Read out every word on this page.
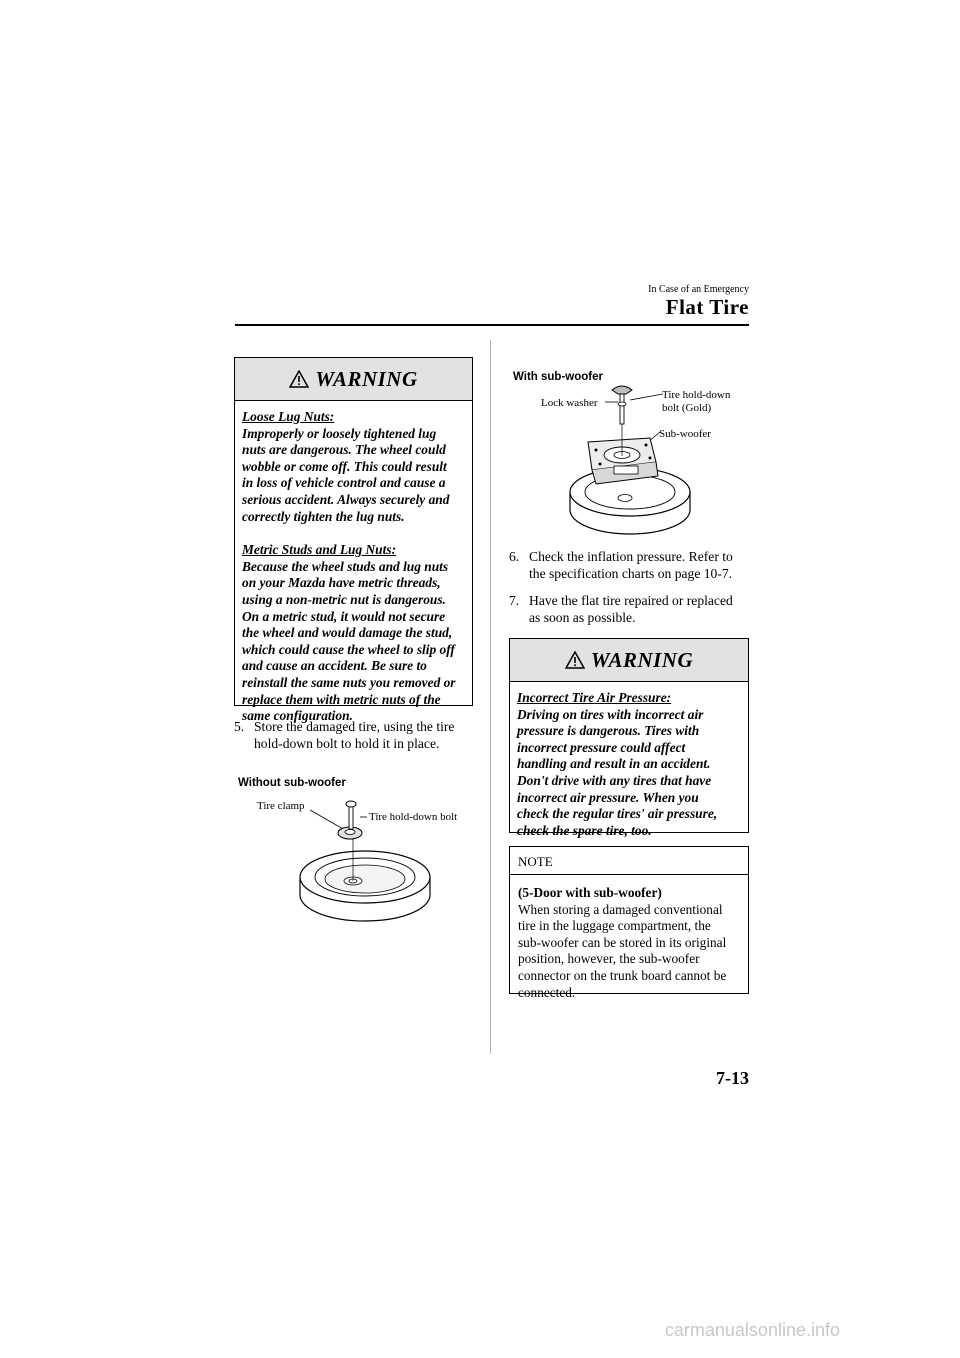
In Case of an Emergency
Flat Tire
WARNING
Loose Lug Nuts:
Improperly or loosely tightened lug
nuts are dangerous. The wheel could
wobble or come off. This could result
in loss of vehicle control and cause a
serious accident. Always securely and
correctly tighten the lug nuts.
Metric Studs and Lug Nuts:
Because the wheel studs and lug nuts
on your Mazda have metric threads,
using a non-metric nut is dangerous.
On a metric stud, it would not secure
the wheel and would damage the stud,
which could cause the wheel to slip off
and cause an accident. Be sure to
reinstall the same nuts you removed or
replace them with metric nuts of the
same configuration.
5. Store the damaged tire, using the tire
hold-down bolt to hold it in place.
Without sub-woofer
Tire clamp
Tire hold-down bolt
With sub-woofer
Lock washer
Tire hold-down
bolt (Gold)
Sub-woofer
6. Check the inflation pressure. Refer to
the specification charts on page 10-7.
7. Have the flat tire repaired or replaced
as soon as possible.
WARNING
Incorrect Tire Air Pressure:
Driving on tires with incorrect air
pressure is dangerous. Tires with
incorrect pressure could affect
handling and result in an accident.
Don't drive with any tires that have
incorrect air pressure. When you
check the regular tires' air pressure,
check the spare tire, too.
NOTE
(5-Door with sub-woofer)
When storing a damaged conventional
tire in the luggage compartment, the
sub-woofer can be stored in its original
position, however, the sub-woofer
connector on the trunk board cannot be
connected.
7-13
carmanualsonline.info
